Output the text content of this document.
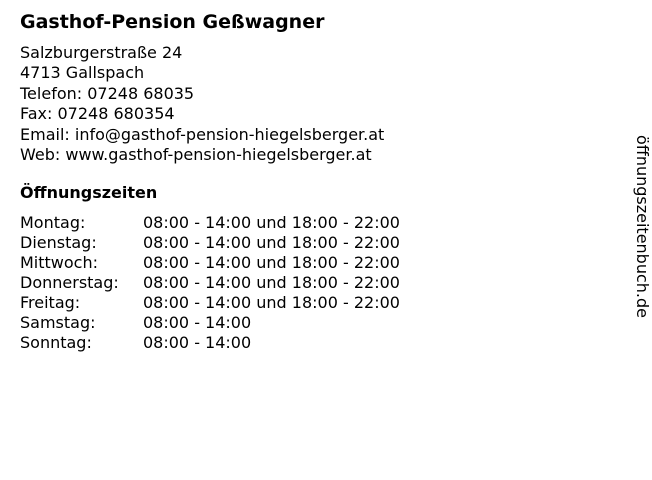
Gasthof-Pension Geßwagner
Salzburgerstraße 24
4713 Gallspach
Telefon: 07248 68035
Fax: 07248 680354
Email: info@gasthof-pension-hiegelsberger.at
Web: www.gasthof-pension-hiegelsberger.at
Öffnungszeiten
Montag:	08:00 - 14:00 und 18:00 - 22:00
Dienstag:	08:00 - 14:00 und 18:00 - 22:00
Mittwoch:	08:00 - 14:00 und 18:00 - 22:00
Donnerstag:	08:00 - 14:00 und 18:00 - 22:00
Freitag:	08:00 - 14:00 und 18:00 - 22:00
Samstag:	08:00 - 14:00
Sonntag:	08:00 - 14:00
öffnungszeitenbuch.de
